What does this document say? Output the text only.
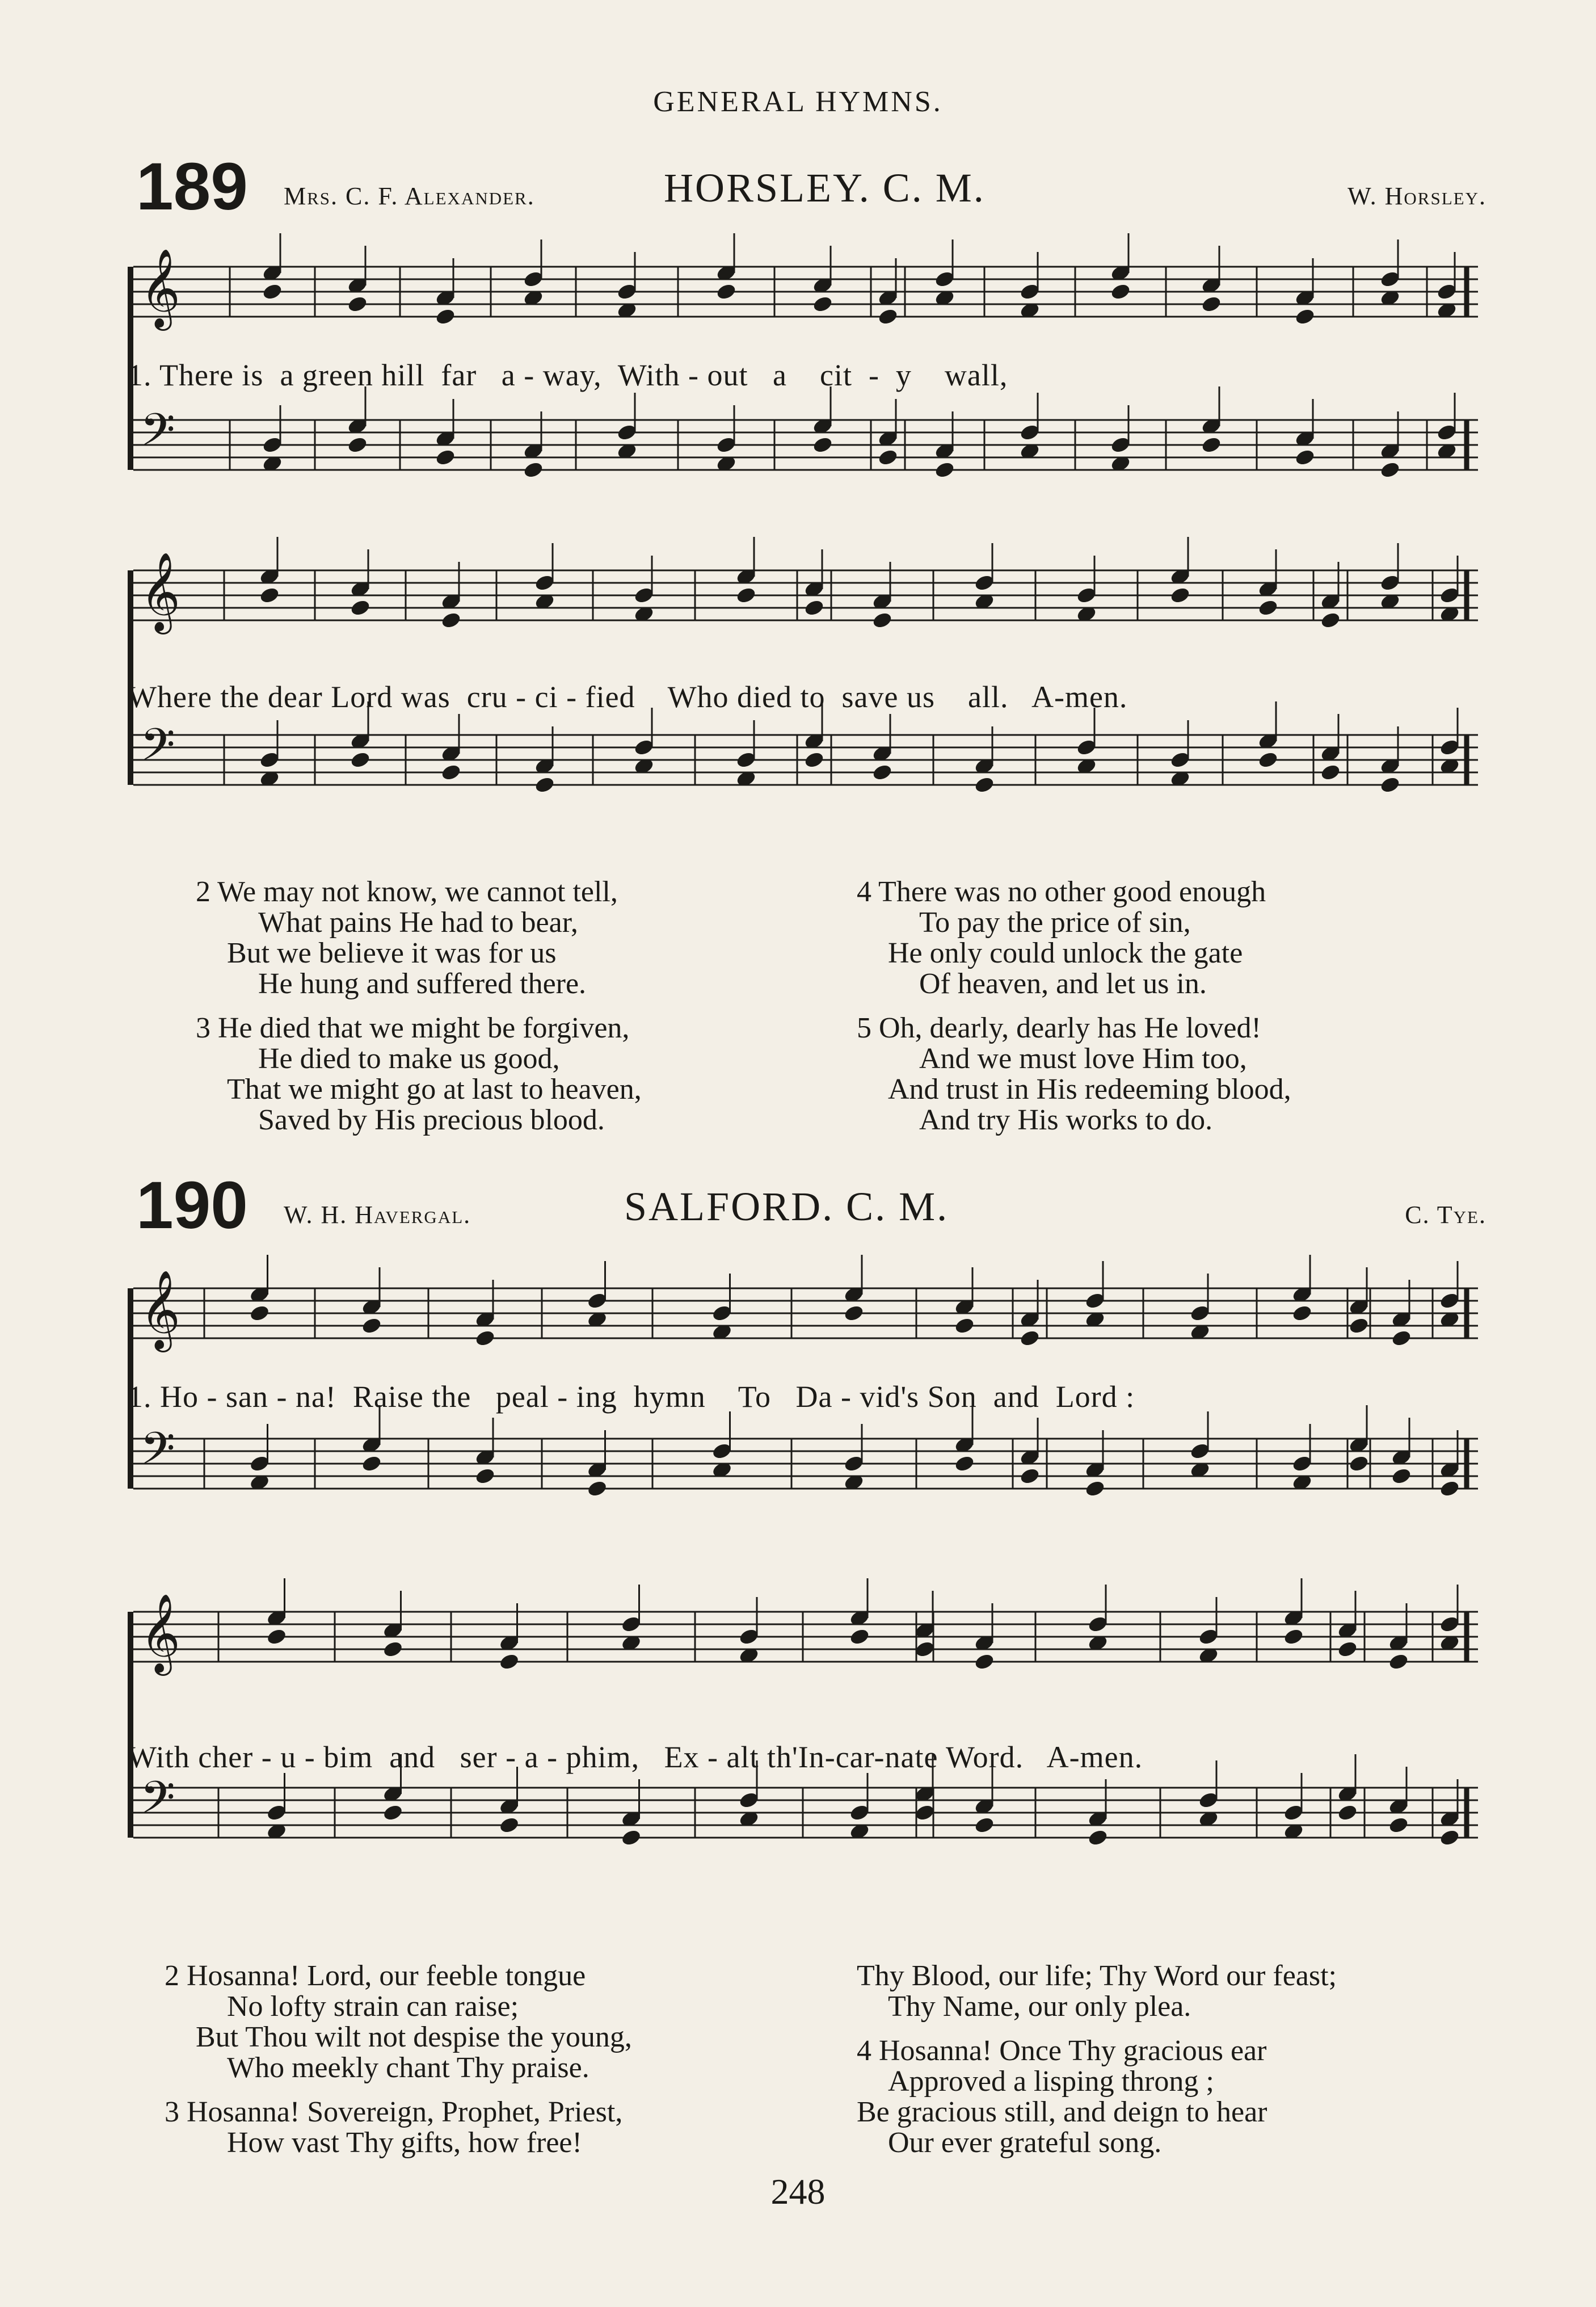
GENERAL HYMNS.
189 Mrs. C. F. Alexander.	HORSLEY. C. M.	W. Horsley.
𝄞
𝄢
1. There is  a green hill  far   a - way,  With - out   a    cit  -  y    wall,
𝄞
𝄢
Where the dear Lord was  cru - ci - fied    Who died to  save us    all.   A-men.
2 We may not know, we cannot tell,
What pains He had to bear,
But we believe it was for us
He hung and suffered there.
3 He died that we might be forgiven,
He died to make us good,
That we might go at last to heaven,
Saved by His precious blood.
4 There was no other good enough
To pay the price of sin,
He only could unlock the gate
Of heaven, and let us in.
5 Oh, dearly, dearly has He loved!
And we must love Him too,
And trust in His redeeming blood,
And try His works to do.
190 W. H. Havergal.	SALFORD. C. M.	C. Tye.
𝄞
𝄢
1. Ho - san - na!  Raise the   peal - ing  hymn    To   Da - vid's Son  and  Lord :
𝄞
𝄢
With cher - u - bim  and   ser - a - phim,   Ex - alt th'In-car-nate Word.   A-men.
2 Hosanna! Lord, our feeble tongue
No lofty strain can raise;
But Thou wilt not despise the young,
Who meekly chant Thy praise.
3 Hosanna! Sovereign, Prophet, Priest,
How vast Thy gifts, how free!
Thy Blood, our life; Thy Word our feast;
Thy Name, our only plea.
4 Hosanna! Once Thy gracious ear
Approved a lisping throng ;
Be gracious still, and deign to hear
Our ever grateful song.
248
